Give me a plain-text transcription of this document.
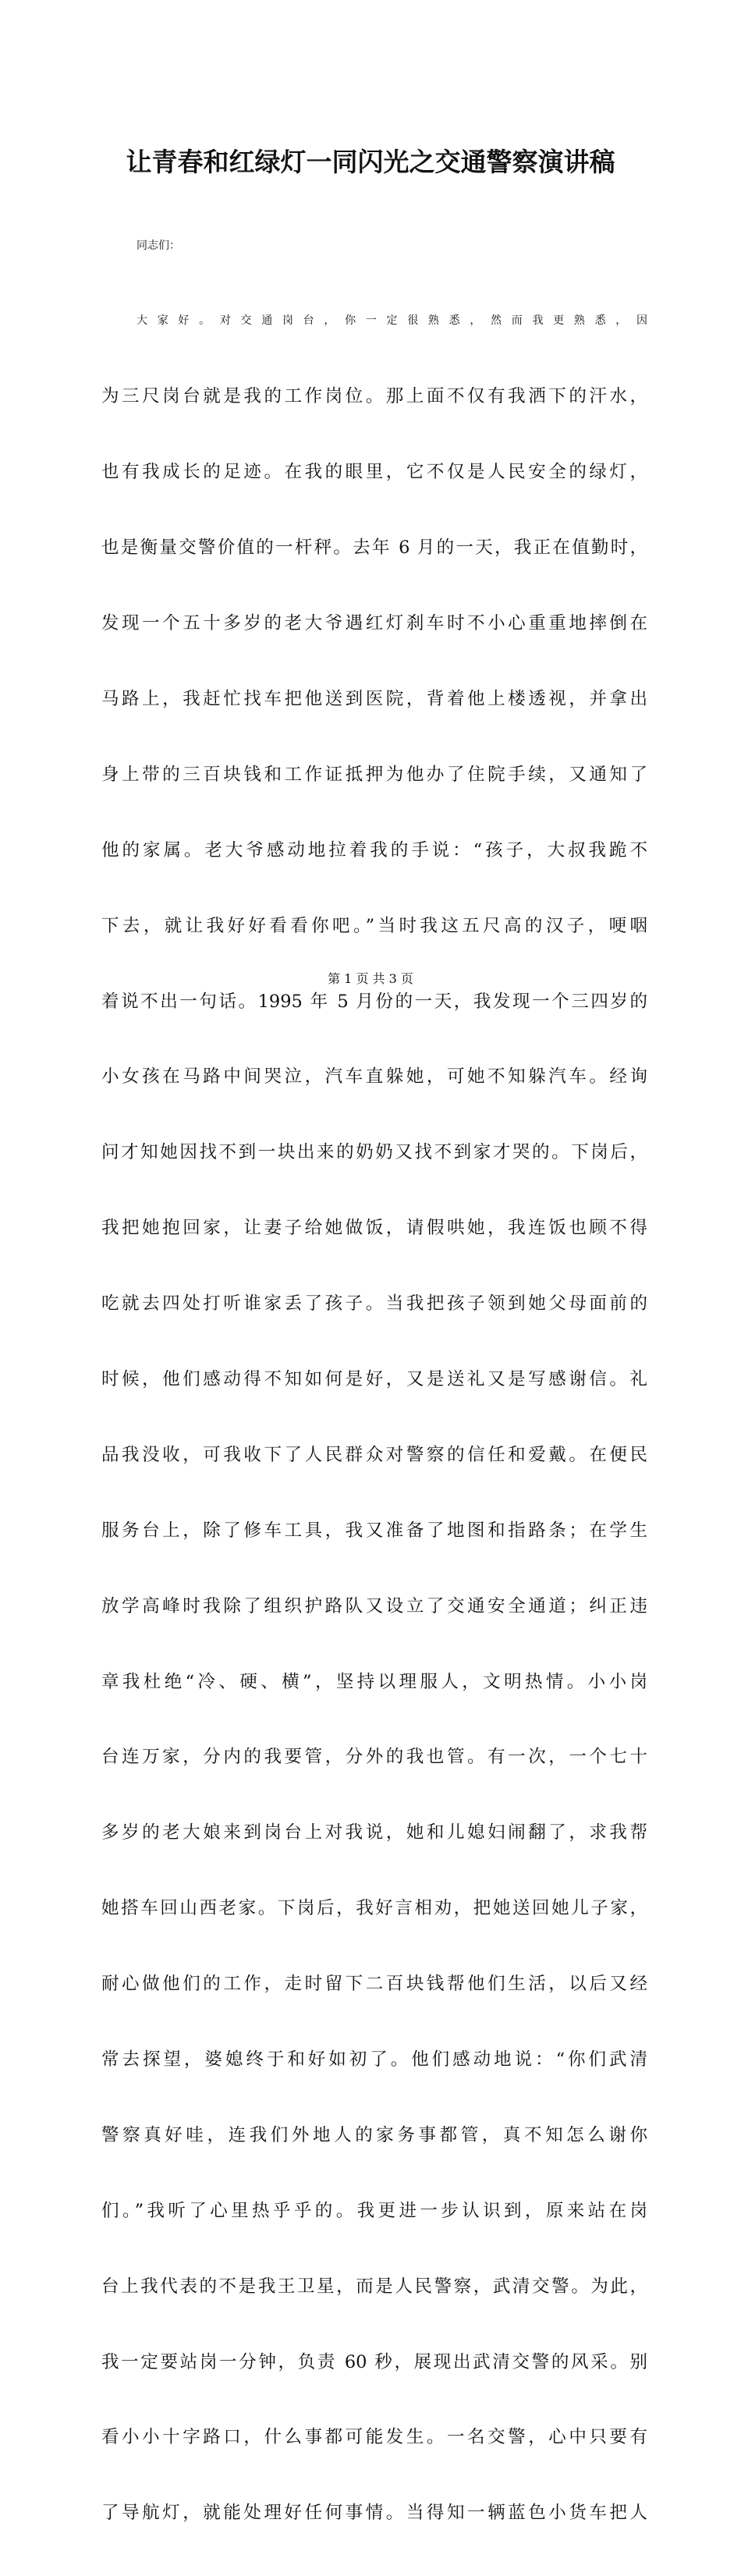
让青春和红绿灯一同闪光之交通警察演讲稿

同志们：

大家好。对交通岗台，你一定很熟悉，然而我更熟悉，因

为三尺岗台就是我的工作岗位。那上面不仅有我洒下的汗水，

也有我成长的足迹。在我的眼里，它不仅是人民安全的绿灯，

也是衡量交警价值的一杆秤。去年 6 月的一天，我正在值勤时，

发现一个五十多岁的老大爷遇红灯刹车时不小心重重地摔倒在

马路上，我赶忙找车把他送到医院，背着他上楼透视，并拿出

身上带的三百块钱和工作证抵押为他办了住院手续，又通知了

他的家属。老大爷感动地拉着我的手说：“孩子，大叔我跪不

下去，就让我好好看看你吧。”当时我这五尺高的汉子，哽咽

着说不出一句话。1995 年 5 月份的一天，我发现一个三四岁的

小女孩在马路中间哭泣，汽车直躲她，可她不知躲汽车。经询

问才知她因找不到一块出来的奶奶又找不到家才哭的。下岗后，

我把她抱回家，让妻子给她做饭，请假哄她，我连饭也顾不得

吃就去四处打听谁家丢了孩子。当我把孩子领到她父母面前的

时候，他们感动得不知如何是好，又是送礼又是写感谢信。礼

品我没收，可我收下了人民群众对警察的信任和爱戴。在便民

服务台上，除了修车工具，我又准备了地图和指路条；在学生

放学高峰时我除了组织护路队又设立了交通安全通道；纠正违

章我杜绝“冷、硬、横”，坚持以理服人，文明热情。小小岗

台连万家，分内的我要管，分外的我也管。有一次，一个七十

多岁的老大娘来到岗台上对我说，她和儿媳妇闹翻了，求我帮

她搭车回山西老家。下岗后，我好言相劝，把她送回她儿子家，

耐心做他们的工作，走时留下二百块钱帮他们生活，以后又经

常去探望，婆媳终于和好如初了。他们感动地说：“你们武清

警察真好哇，连我们外地人的家务事都管，真不知怎么谢你

们。”我听了心里热乎乎的。我更进一步认识到，原来站在岗

台上我代表的不是我王卫星，而是人民警察，武清交警。为此，

我一定要站岗一分钟，负责 60 秒，展现出武清交警的风采。别

看小小十字路口，什么事都可能发生。一名交警，心中只要有

了导航灯，就能处理好任何事情。当得知一辆蓝色小货车把人

第 1 页 共 3 页
